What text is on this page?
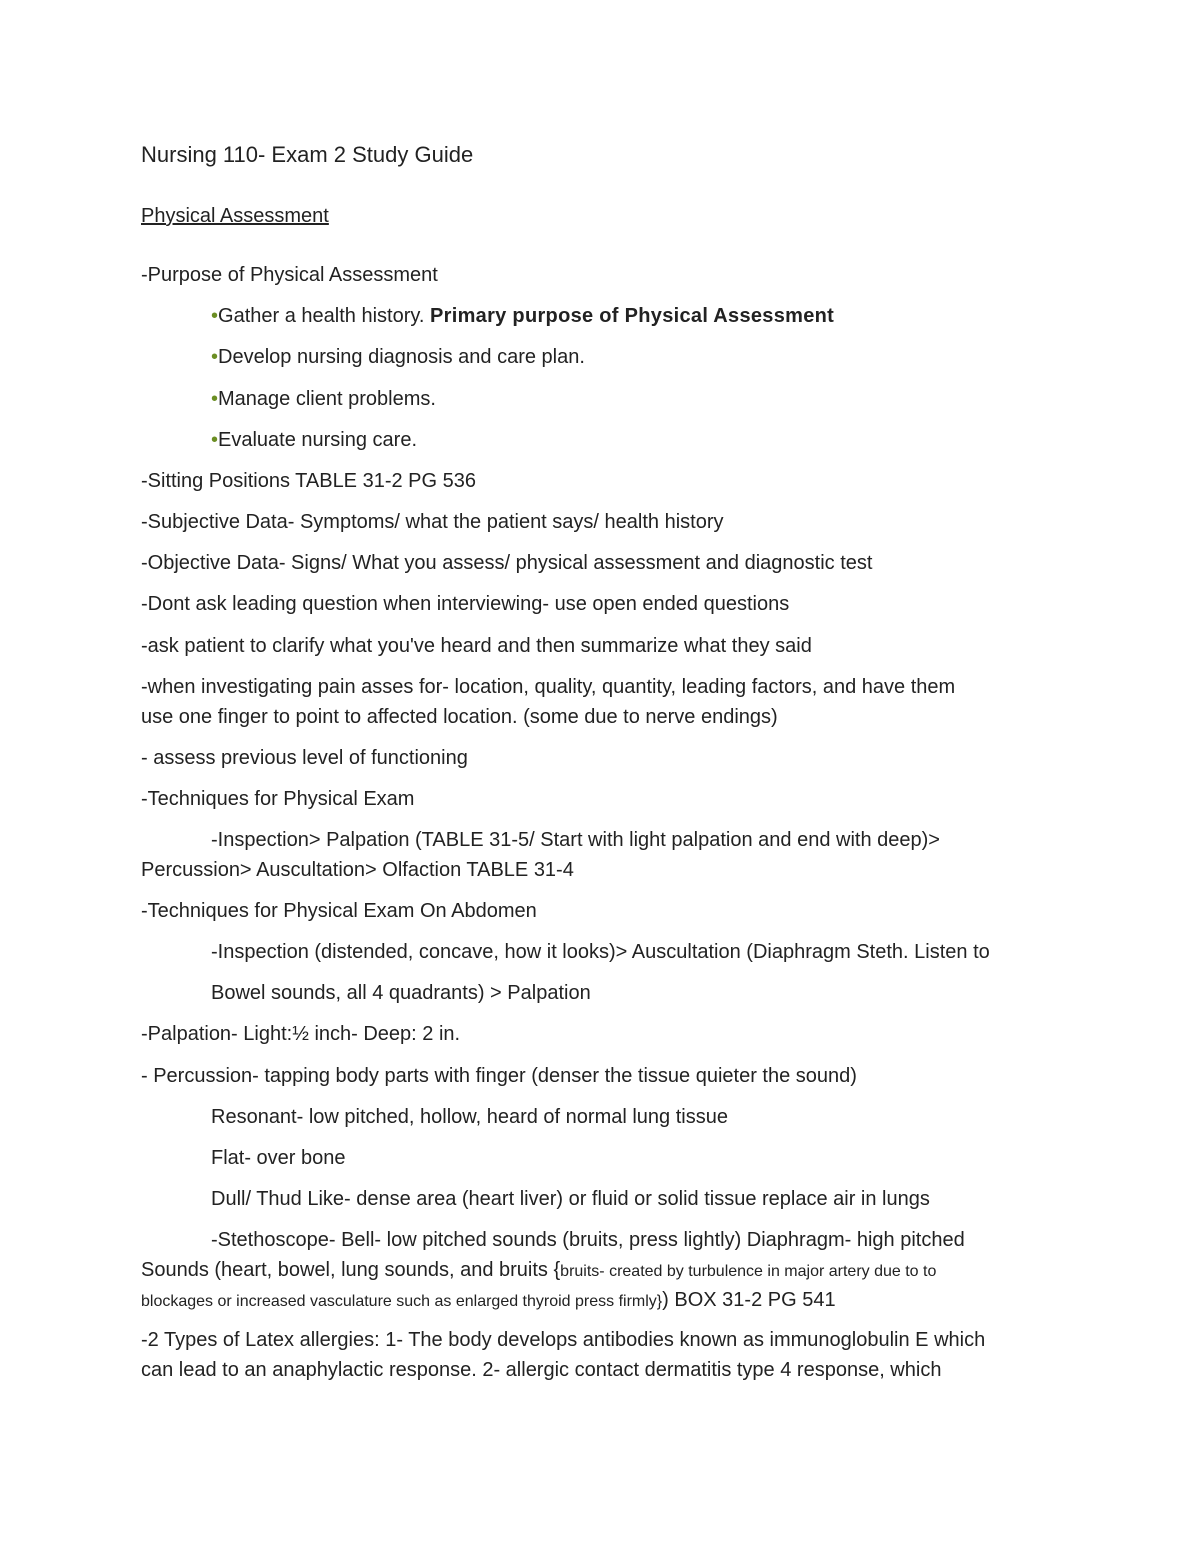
Nursing 110- Exam 2 Study Guide

Physical Assessment

-Purpose of Physical Assessment

•Gather a health history. Primary purpose of Physical Assessment

•Develop nursing diagnosis and care plan.

•Manage client problems.

•Evaluate nursing care.

-Sitting Positions TABLE 31-2 PG 536

-Subjective Data- Symptoms/ what the patient says/ health history

-Objective Data- Signs/ What you assess/ physical assessment and diagnostic test

-Dont ask leading question when interviewing- use open ended questions

-ask patient to clarify what you've heard and then summarize what they said

-when investigating pain asses for- location, quality, quantity, leading factors, and have them

use one finger to point to affected location. (some due to nerve endings)

- assess previous level of functioning

-Techniques for Physical Exam

-Inspection> Palpation (TABLE 31-5/ Start with light palpation and end with deep)>

Percussion> Auscultation> Olfaction TABLE 31-4

-Techniques for Physical Exam On Abdomen

-Inspection (distended, concave, how it looks)> Auscultation (Diaphragm Steth. Listen to

Bowel sounds, all 4 quadrants) > Palpation

-Palpation- Light:½ inch- Deep: 2 in.

- Percussion- tapping body parts with finger (denser the tissue quieter the sound)

Resonant- low pitched, hollow, heard of normal lung tissue

Flat- over bone

Dull/ Thud Like- dense area (heart liver) or fluid or solid tissue replace air in lungs

-Stethoscope- Bell- low pitched sounds (bruits, press lightly) Diaphragm- high pitched

Sounds (heart, bowel, lung sounds, and bruits {bruits- created by turbulence in major artery due to to

blockages or increased vasculature such as enlarged thyroid press firmly}) BOX 31-2 PG 541

-2 Types of Latex allergies: 1- The body develops antibodies known as immunoglobulin E which

can lead to an anaphylactic response. 2- allergic contact dermatitis type 4 response, which
